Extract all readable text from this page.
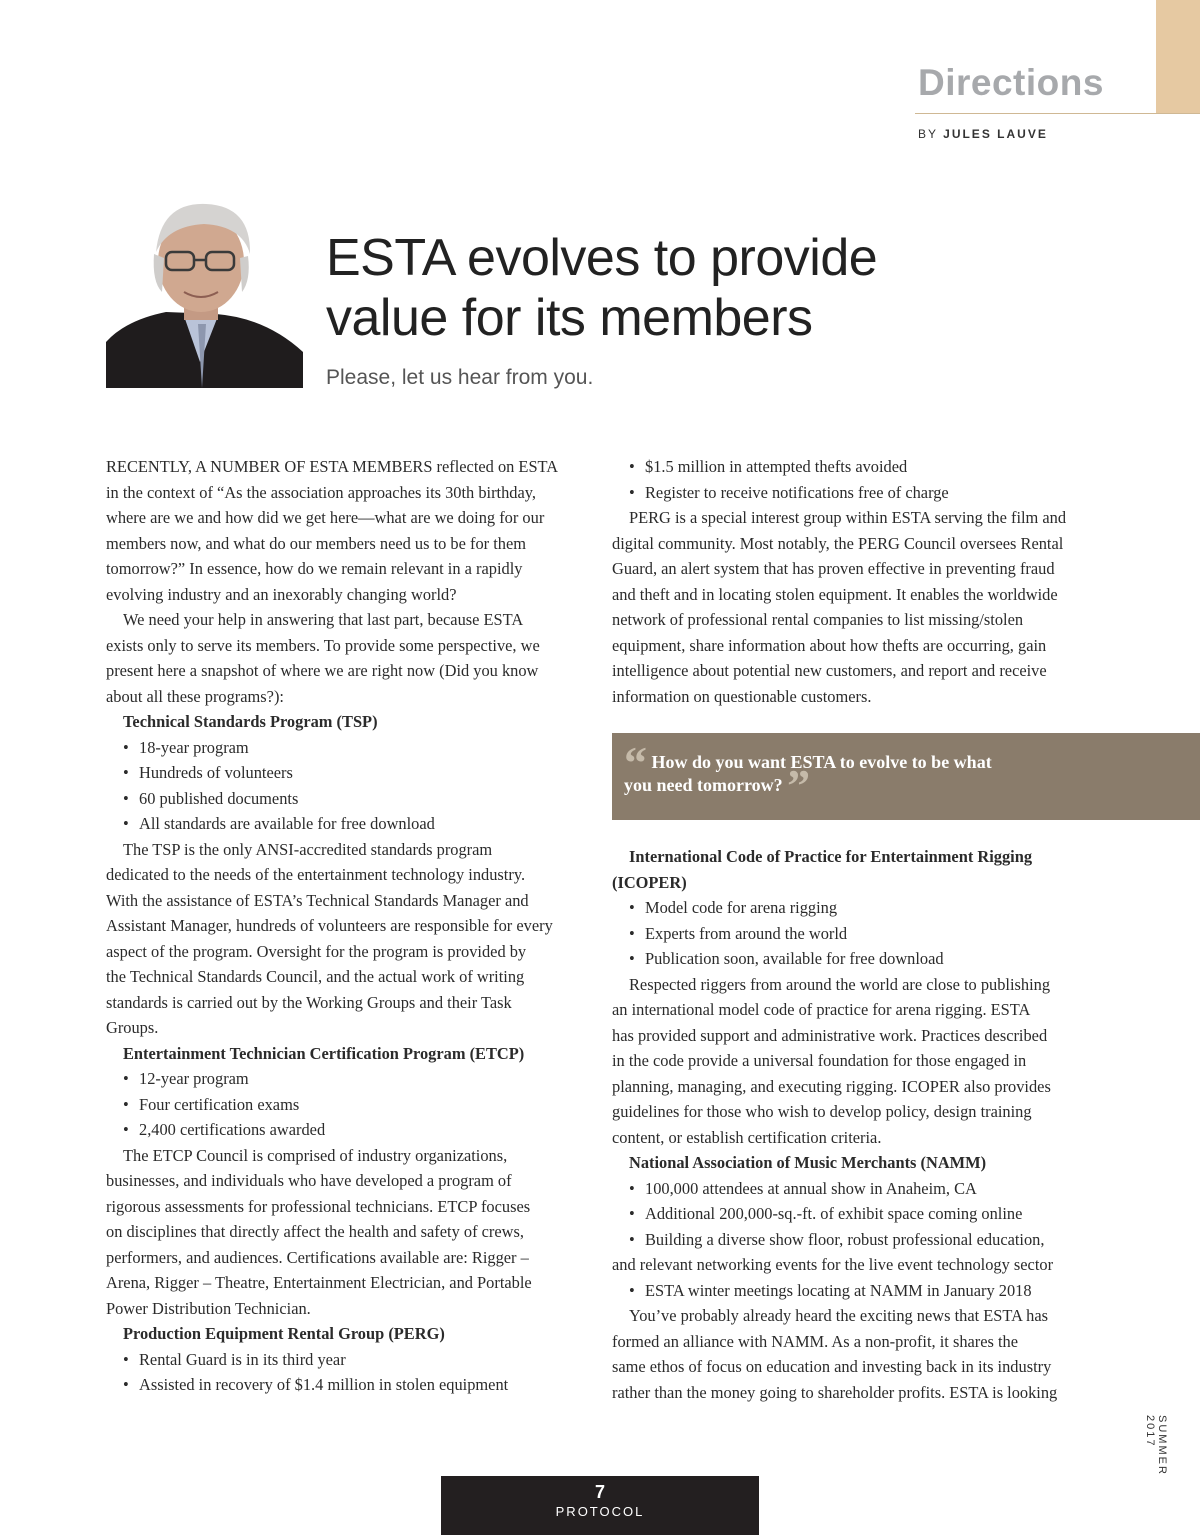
Directions
BY JULES LAUVE
ESTA evolves to provide
value for its members
Please, let us hear from you.

RECENTLY, A NUMBER OF ESTA MEMBERS reflected on ESTA

in the context of “As the association approaches its 30th birthday,

where are we and how did we get here—what are we doing for our

members now, and what do our members need us to be for them

tomorrow?” In essence, how do we remain relevant in a rapidly

evolving industry and an inexorably changing world?

We need your help in answering that last part, because ESTA

exists only to serve its members. To provide some perspective, we

present here a snapshot of where we are right now (Did you know

about all these programs?):

Technical Standards Program (TSP)

• 18-year program

• Hundreds of volunteers

• 60 published documents

• All standards are available for free download

The TSP is the only ANSI-accredited standards program

dedicated to the needs of the entertainment technology industry.

With the assistance of ESTA’s Technical Standards Manager and

Assistant Manager, hundreds of volunteers are responsible for every

aspect of the program. Oversight for the program is provided by

the Technical Standards Council, and the actual work of writing

standards is carried out by the Working Groups and their Task

Groups.

Entertainment Technician Certification Program (ETCP)

• 12-year program

• Four certification exams

• 2,400 certifications awarded

The ETCP Council is comprised of industry organizations,

businesses, and individuals who have developed a program of

rigorous assessments for professional technicians. ETCP focuses

on disciplines that directly affect the health and safety of crews,

performers, and audiences. Certifications available are: Rigger –

Arena, Rigger – Theatre, Entertainment Electrician, and Portable

Power Distribution Technician.

Production Equipment Rental Group (PERG)

• Rental Guard is in its third year

• Assisted in recovery of $1.4 million in stolen equipment

• $1.5 million in attempted thefts avoided

• Register to receive notifications free of charge

PERG is a special interest group within ESTA serving the film and

digital community. Most notably, the PERG Council oversees Rental

Guard, an alert system that has proven effective in preventing fraud

and theft and in locating stolen equipment. It enables the worldwide

network of professional rental companies to list missing/stolen

equipment, share information about how thefts are occurring, gain

intelligence about potential new customers, and report and receive

information on questionable customers.

“ How do you want ESTA to evolve to be what
you need tomorrow? ”

International Code of Practice for Entertainment Rigging

(ICOPER)

• Model code for arena rigging

• Experts from around the world

• Publication soon, available for free download

Respected riggers from around the world are close to publishing

an international model code of practice for arena rigging. ESTA

has provided support and administrative work. Practices described

in the code provide a universal foundation for those engaged in

planning, managing, and executing rigging. ICOPER also provides

guidelines for those who wish to develop policy, design training

content, or establish certification criteria.

National Association of Music Merchants (NAMM)

• 100,000 attendees at annual show in Anaheim, CA

• Additional 200,000-sq.-ft. of exhibit space coming online

• Building a diverse show floor, robust professional education,

and relevant networking events for the live event technology sector

• ESTA winter meetings locating at NAMM in January 2018

You’ve probably already heard the exciting news that ESTA has

formed an alliance with NAMM. As a non-profit, it shares the

same ethos of focus on education and investing back in its industry

rather than the money going to shareholder profits. ESTA is looking

SUMMER 2017
7
PROTOCOL
